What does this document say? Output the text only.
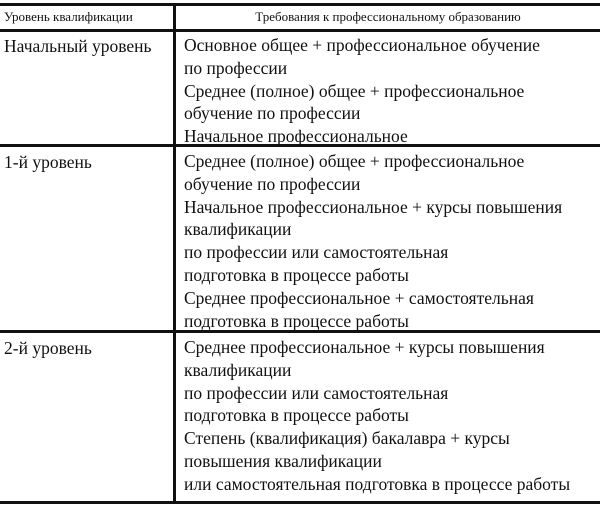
Уровень квалификации	Требования к профессиональному образованию
Начальный уровень	Основное общее + профессиональное обучение
по профессии
Среднее (полное) общее + профессиональное
обучение по профессии
Начальное профессиональное
1-й уровень	Среднее (полное) общее + профессиональное
обучение по профессии
Начальное профессиональное + курсы повышения
квалификации
по профессии или самостоятельная
подготовка в процессе работы
Среднее профессиональное + самостоятельная
подготовка в процессе работы
2-й уровень	Среднее профессиональное + курсы повышения
квалификации
по профессии или самостоятельная
подготовка в процессе работы
Степень (квалификация) бакалавра + курсы
повышения квалификации
или самостоятельная подготовка в процессе работы
